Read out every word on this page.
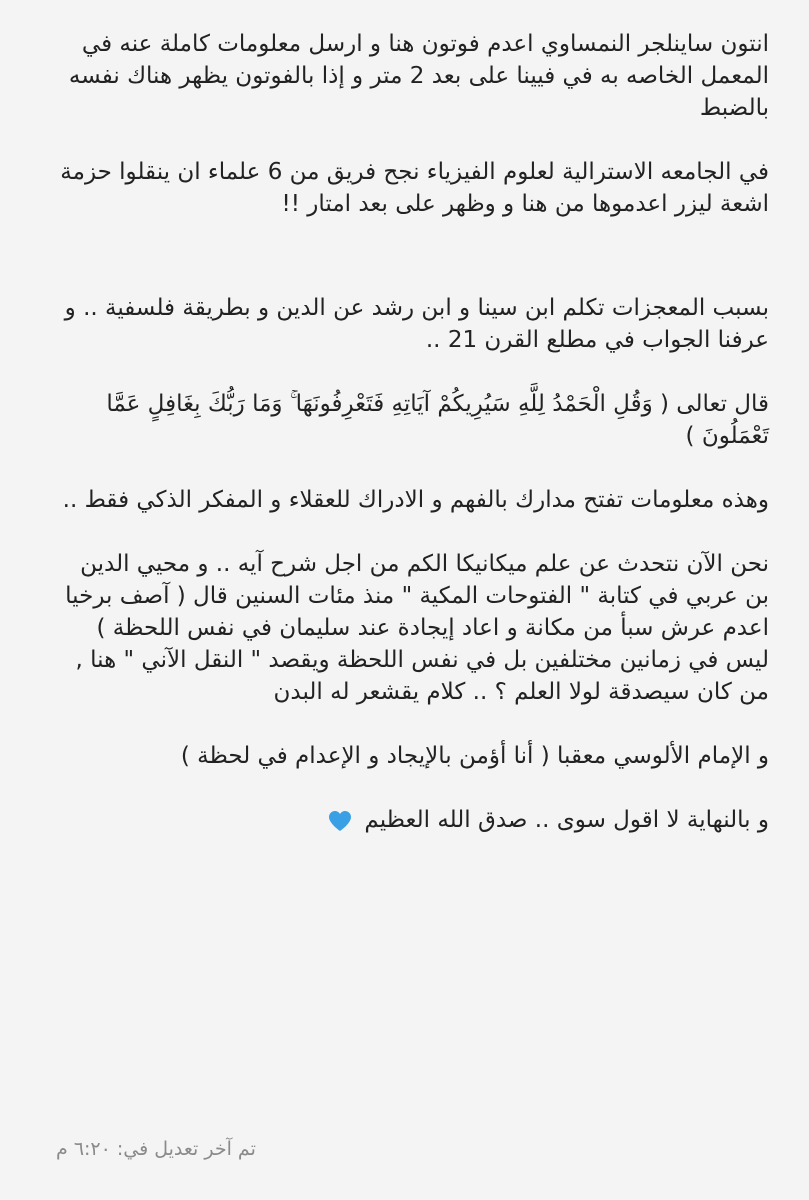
انتون ساينلجر النمساوي اعدم فوتون هنا و ارسل معلومات كاملة عنه في المعمل الخاصه به في فيينا على بعد 2 متر و إذا بالفوتون يظهر هناك نفسه بالضبط

في الجامعه الاسترالية لعلوم الفيزياء نجح فريق من 6 علماء ان ينقلوا حزمة اشعة ليزر اعدموها من هنا و وظهر على بعد امتار !!

بسبب المعجزات تكلم ابن سينا و ابن رشد عن الدين و بطريقة فلسفية .. و عرفنا الجواب في مطلع القرن 21 ..

قال تعالى ( وَقُلِ الْحَمْدُ لِلَّهِ سَيُرِيكُمْ آيَاتِهِ فَتَعْرِفُونَهَا ۚ وَمَا رَبُّكَ بِغَافِلٍ عَمَّا تَعْمَلُونَ )

وهذه معلومات تفتح مدارك بالفهم و الادراك للعقلاء و المفكر الذكي فقط ..

نحن الآن نتحدث عن علم ميكانيكا الكم من اجل شرح آيه .. و محيي الدين بن عربي في كتابة " الفتوحات المكية " منذ مئات السنين قال ( آصف برخيا اعدم عرش سبأ من مكانة و اعاد إيجادة عند سليمان في نفس اللحظة ) ليس في زمانين مختلفين بل في نفس اللحظة ويقصد " النقل الآني " هنا , من كان سيصدقة لولا العلم ؟ .. كلام يقشعر له البدن

و الإمام الألوسي معقبا ( أنا أؤمن بالإيجاد و الإعدام في لحظة )

و بالنهاية لا اقول سوى .. صدق الله العظيم

تم آخر تعديل في: ٦:٢٠ م
